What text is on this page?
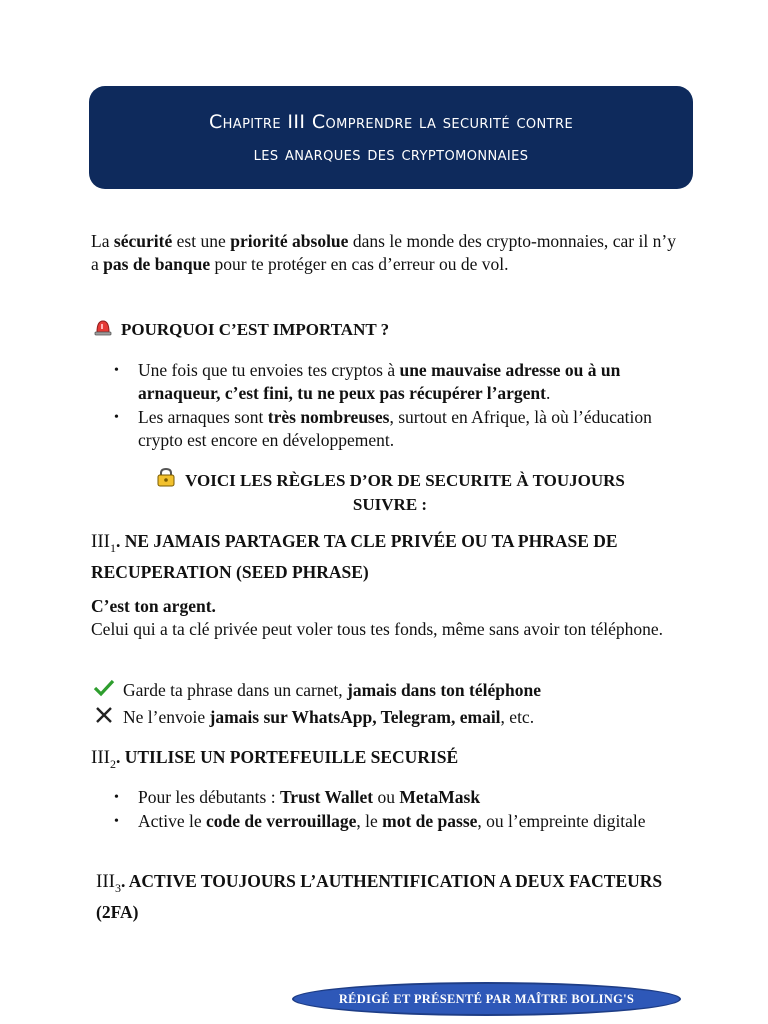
Chapitre III Comprendre la securité contre
les anarques des cryptomonnaies

La sécurité est une priorité absolue dans le monde des crypto-monnaies, car il n’y a pas de banque pour te protéger en cas d’erreur ou de vol.

POURQUOI C’EST IMPORTANT ?
• Une fois que tu envoies tes cryptos à une mauvaise adresse ou à un arnaqueur, c’est fini, tu ne peux pas récupérer l’argent.
• Les arnaques sont très nombreuses, surtout en Afrique, là où l’éducation crypto est encore en développement.
VOICI LES RÈGLES D’OR DE SECURITE À TOUJOURS
SUIVRE :
$III_1$. NE JAMAIS PARTAGER TA CLE PRIVÉE OU TA PHRASE DE RECUPERATION (SEED PHRASE)
C’est ton argent.
Celui qui a ta clé privée peut voler tous tes fonds, même sans avoir ton téléphone.
Garde ta phrase dans un carnet, jamais dans ton téléphone
Ne l’envoie jamais sur WhatsApp, Telegram, email, etc.
$III_2$. UTILISE UN PORTEFEUILLE SECURISÉ
• Pour les débutants : Trust Wallet ou MetaMask
• Active le code de verrouillage, le mot de passe, ou l’empreinte digitale
$III_3$. ACTIVE TOUJOURS L’AUTHENTIFICATION A DEUX FACTEURS (2FA)
RÉDIGÉ ET PRÉSENTÉ PAR MAÎTRE BOLING'S
